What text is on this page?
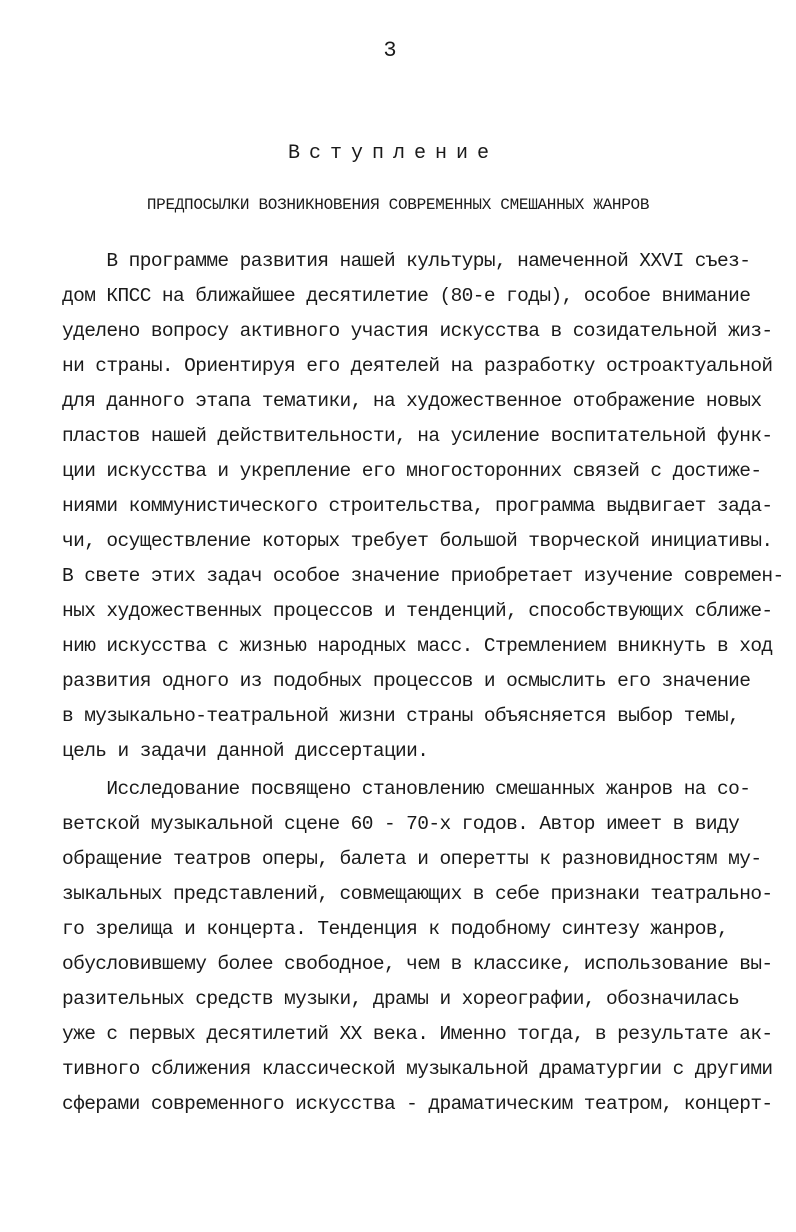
3
Вступление
ПРЕДПОСЫЛКИ ВОЗНИКНОВЕНИЯ СОВРЕМЕННЫХ СМЕШАННЫХ ЖАНРОВ
В программе развития нашей культуры, намеченной XXVI съез-
дом КПСС на ближайшее десятилетие (80-е годы), особое внимание
уделено вопросу активного участия искусства в созидательной жиз-
ни страны. Ориентируя его деятелей на разработку остроактуальной
для данного этапа тематики, на художественное отображение новых
пластов нашей действительности, на усиление воспитательной функ-
ции искусства и укрепление его многосторонних связей с достиже-
ниями коммунистического строительства, программа выдвигает зада-
чи, осуществление которых требует большой творческой инициативы.
В свете этих задач особое значение приобретает изучение современ-
ных художественных процессов и тенденций, способствующих сближе-
нию искусства с жизнью народных масс. Стремлением вникнуть в ход
развития одного из подобных процессов и осмыслить его значение
в музыкально-театральной жизни страны объясняется выбор темы,
цель и задачи данной диссертации.
Исследование посвящено становлению смешанных жанров на со-
ветской музыкальной сцене 60 - 70-х годов. Автор имеет в виду
обращение театров оперы, балета и оперетты к разновидностям му-
зыкальных представлений, совмещающих в себе признаки театрально-
го зрелища и концерта. Тенденция к подобному синтезу жанров,
обусловившему более свободное, чем в классике, использование вы-
разительных средств музыки, драмы и хореографии, обозначилась
уже с первых десятилетий XX века. Именно тогда, в результате ак-
тивного сближения классической музыкальной драматургии с другими
сферами современного искусства - драматическим театром, концерт-
